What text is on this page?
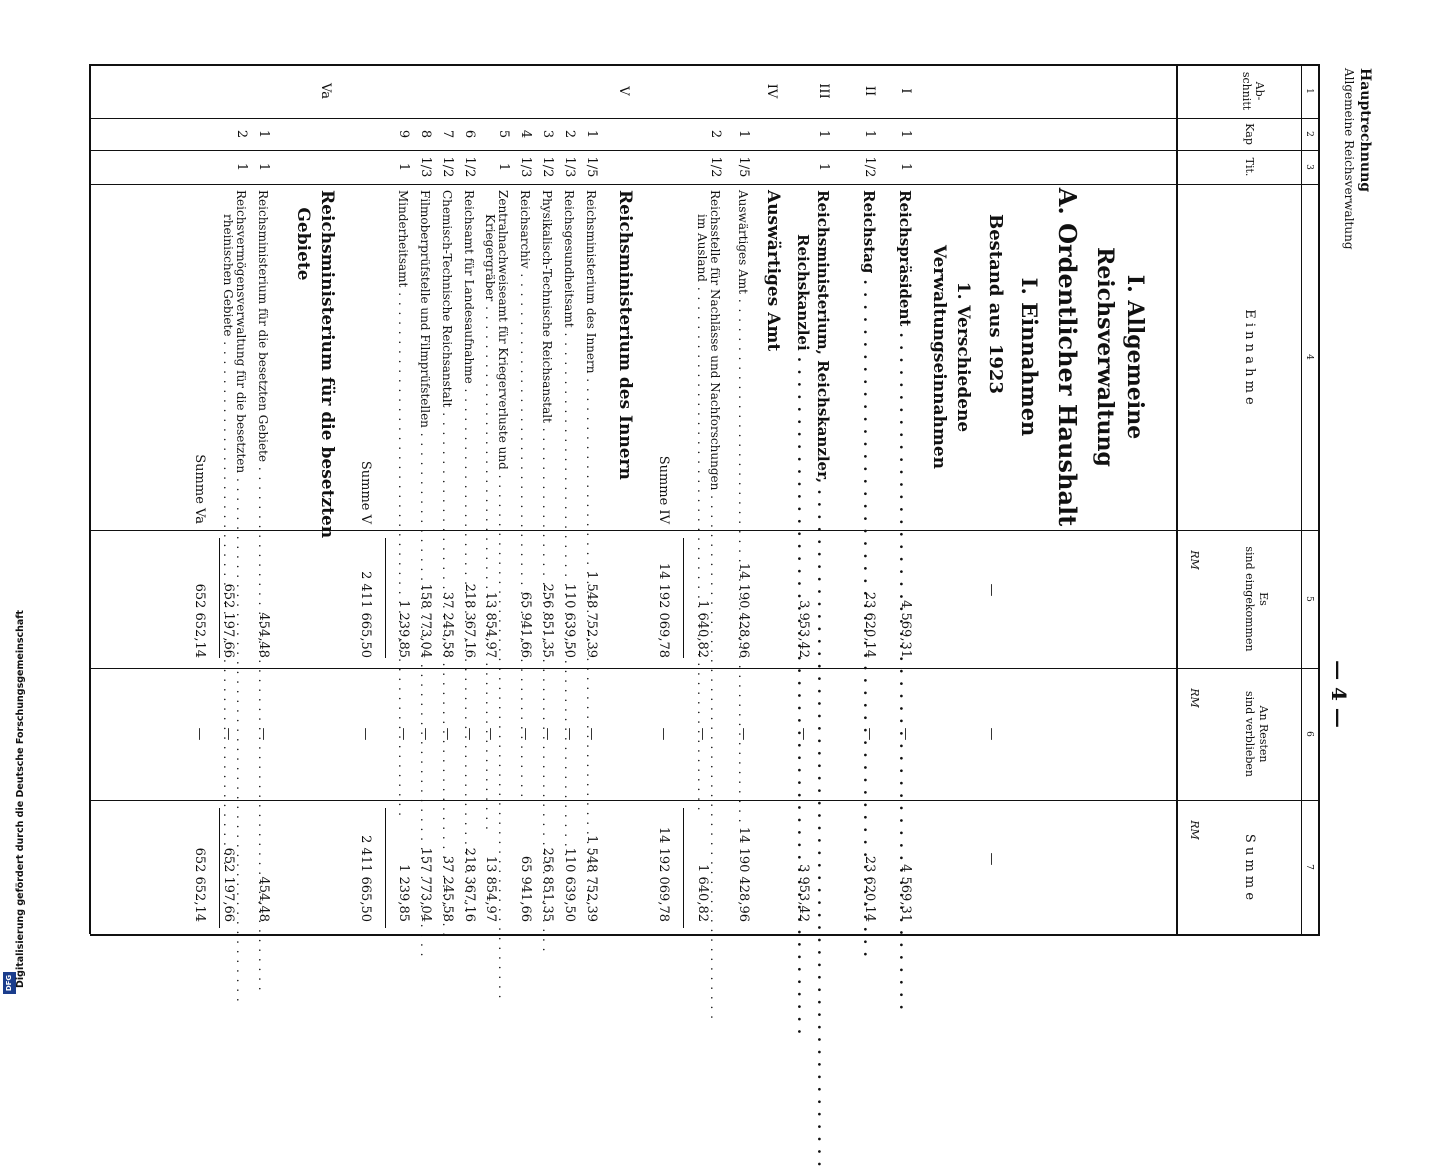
— 4 —
Hauptrechnung
Allgemeine Reichsverwaltung
1
2
3
4
5
6
7
Ab-
schnitt
Kap
Tit.
E i n n a h m e
Es
sind eingekommen
RM
An Resten
sind verblieben
RM
S u m m e
RM
I. Allgemeine
Reichsverwaltung
A. Ordentlicher Haushalt
I. Einnahmen
Bestand aus 1923
—
—
—
1. Verschiedene
Verwaltungseinnahmen
I
1
1
Reichspräsident . . .
4 569,31
—
4 569,31
II
1
1/2
Reichstag . . .
23 620,14
—
23 620,14
III
1
1
Reichsministerium, Reichskanzler, . . .
Reichskanzlei . . .
3 953,42
—
3 953,42
IV
Auswärtiges Amt
1
1/5
Auswärtiges Amt . . .
14 190 428,96
—
14 190 428,96
2
1/2
Reichsstelle für Nachlässe und Nachforschungen . . .
im Ausland . . .
1 640,82
—
1 640,82
Summe IV
14 192 069,78
—
14 192 069,78
V
Reichsministerium des Innern
1
1/5
Reichsministerium des Innern . . .
1 548 752,39
—
1 548 752,39
2
1/3
Reichsgesundheitsamt . . .
110 639,50
—
110 639,50
3
1/2
Physikalisch-Technische Reichsanstalt . . .
256 851,35
—
256 851,35
4
1/3
Reichsarchiv . . .
65 941,66
—
65 941,66
5
1
Zentralnachweiseamt für Kriegerverluste und . . .
Kriegergräber . . .
13 854,97
—
13 854,97
6
1/2
Reichsamt für Landesaufnahme . . .
218 367,16
—
218 367,16
7
1/2
Chemisch-Technische Reichsanstalt . . .
37 245,58
—
37 245,58
8
1/3
Filmoberprüfstelle und Filmprüfstellen . . .
158 773,04
—
157 773,04
9
1
Minderheitsamt . . .
1 239,85
—
1 239,85
Summe V
2 411 665,50
—
2 411 665,50
Va
Reichsministerium für die besetzten
Gebiete
1
1
Reichsministerium für die besetzten Gebiete . . .
454,48
—
454,48
2
1
Reichsvermögensverwaltung für die besetzten . . .
rheinischen Gebiete . . .
652 197,66
—
652 197,66
Summe Va
652 652,14
—
652 652,14
DFG Digitalisierung gefördert durch die Deutsche Forschungsgemeinschaft
